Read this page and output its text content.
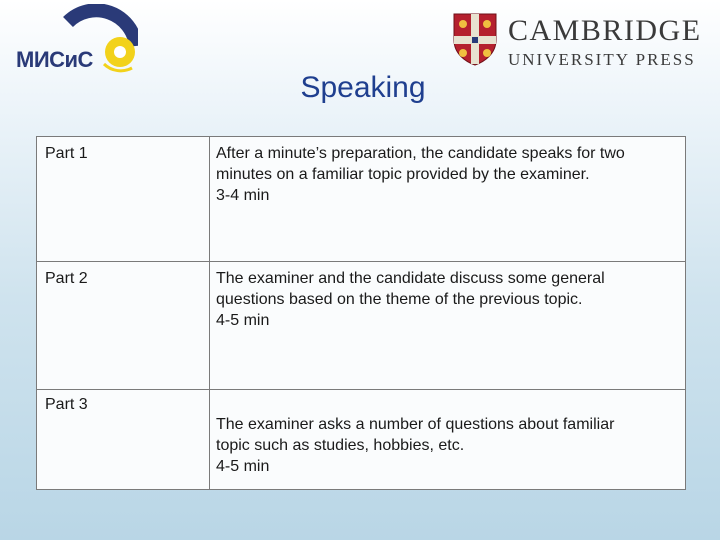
МИСиС
CAMBRIDGE
UNIVERSITY PRESS
Speaking
Part 1	After a minute’s preparation, the candidate speaks for two
minutes on a familiar topic provided by the examiner.
3-4 min

Part 2	The examiner and the candidate discuss some general
questions based on the theme of the previous topic.
4-5 min

Part 3	The examiner asks a number of questions about familiar
topic such as studies, hobbies, etc.
4-5 min
